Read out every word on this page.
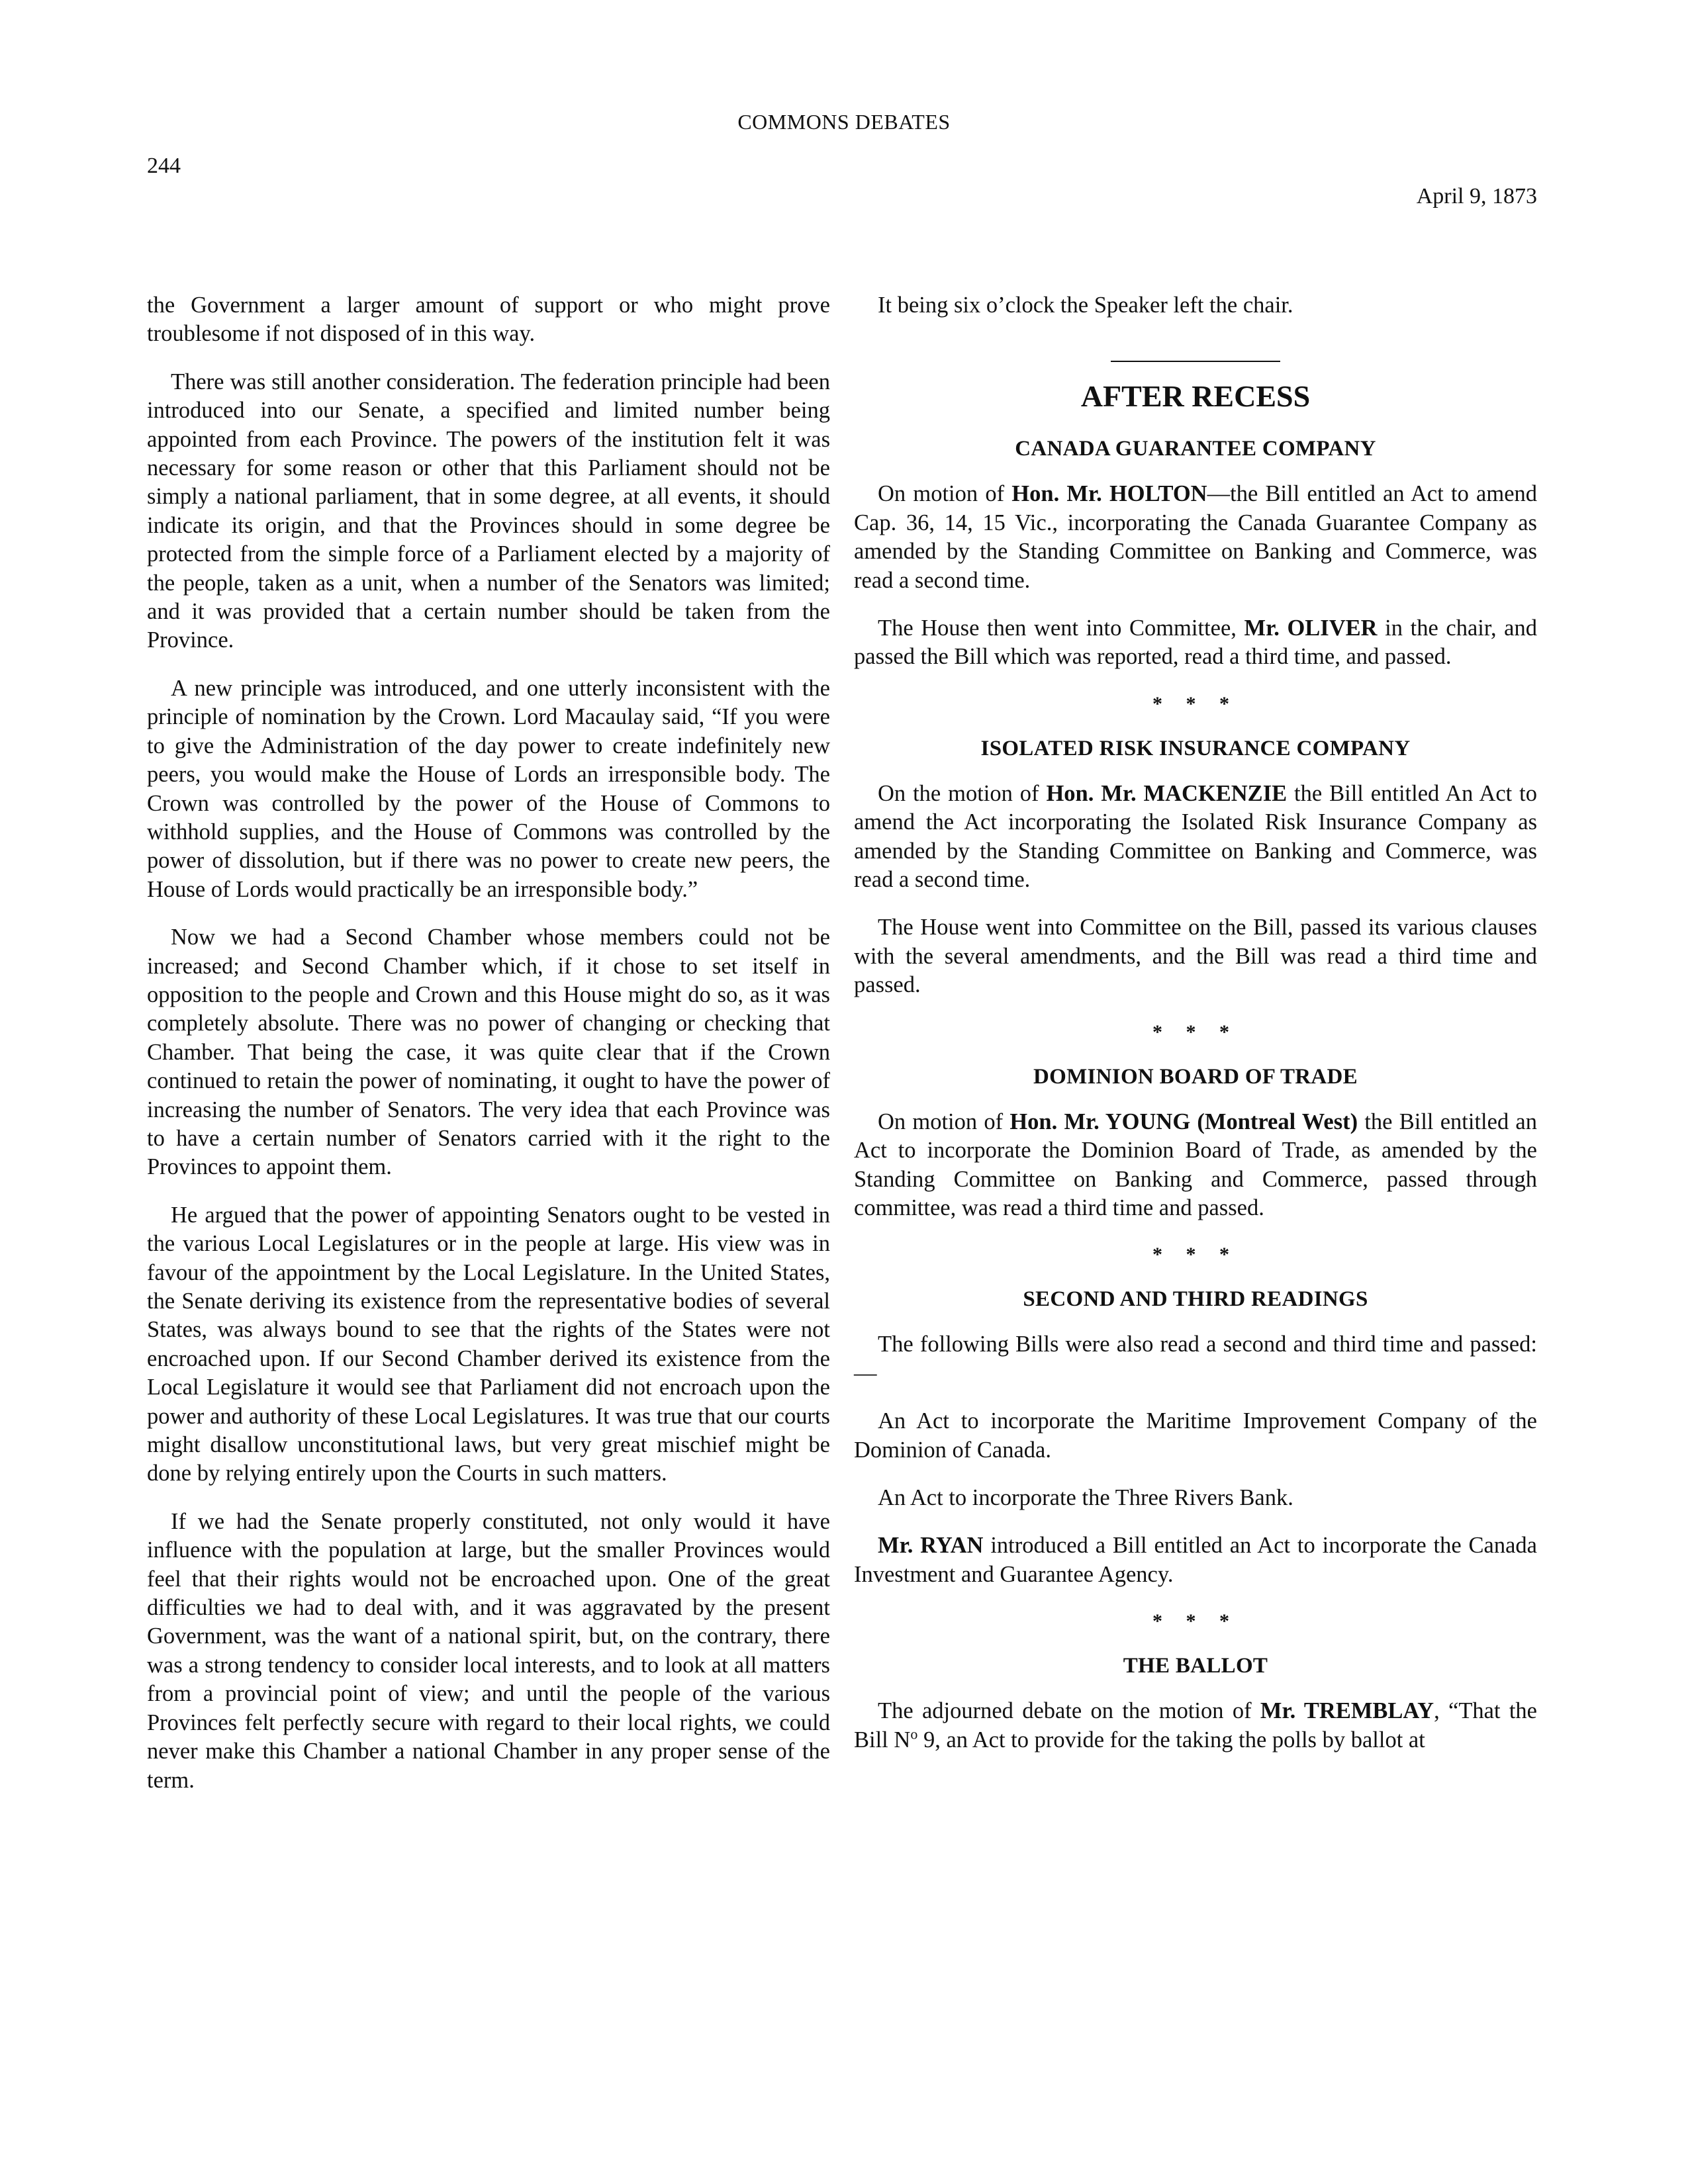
COMMONS DEBATES
244
April 9, 1873

the Government a larger amount of support or who might prove troublesome if not disposed of in this way.

There was still another consideration. The federation principle had been introduced into our Senate, a specified and limited number being appointed from each Province. The powers of the institution felt it was necessary for some reason or other that this Parliament should not be simply a national parliament, that in some degree, at all events, it should indicate its origin, and that the Provinces should in some degree be protected from the simple force of a Parliament elected by a majority of the people, taken as a unit, when a number of the Senators was limited; and it was provided that a certain number should be taken from the Province.

A new principle was introduced, and one utterly inconsistent with the principle of nomination by the Crown. Lord Macaulay said, “If you were to give the Administration of the day power to create indefinitely new peers, you would make the House of Lords an irresponsible body. The Crown was controlled by the power of the House of Commons to withhold supplies, and the House of Commons was controlled by the power of dissolution, but if there was no power to create new peers, the House of Lords would practically be an irresponsible body.”

Now we had a Second Chamber whose members could not be increased; and Second Chamber which, if it chose to set itself in opposition to the people and Crown and this House might do so, as it was completely absolute. There was no power of changing or checking that Chamber. That being the case, it was quite clear that if the Crown continued to retain the power of nominating, it ought to have the power of increasing the number of Senators. The very idea that each Province was to have a certain number of Senators carried with it the right to the Provinces to appoint them.

He argued that the power of appointing Senators ought to be vested in the various Local Legislatures or in the people at large. His view was in favour of the appointment by the Local Legislature. In the United States, the Senate deriving its existence from the representative bodies of several States, was always bound to see that the rights of the States were not encroached upon. If our Second Chamber derived its existence from the Local Legislature it would see that Parliament did not encroach upon the power and authority of these Local Legislatures. It was true that our courts might disallow unconstitutional laws, but very great mischief might be done by relying entirely upon the Courts in such matters.

If we had the Senate properly constituted, not only would it have influence with the population at large, but the smaller Provinces would feel that their rights would not be encroached upon. One of the great difficulties we had to deal with, and it was aggravated by the present Government, was the want of a national spirit, but, on the contrary, there was a strong tendency to consider local interests, and to look at all matters from a provincial point of view; and until the people of the various Provinces felt perfectly secure with regard to their local rights, we could never make this Chamber a national Chamber in any proper sense of the term.

It being six o’clock the Speaker left the chair.

AFTER RECESS
CANADA GUARANTEE COMPANY

On motion of Hon. Mr. HOLTON—the Bill entitled an Act to amend Cap. 36, 14, 15 Vic., incorporating the Canada Guarantee Company as amended by the Standing Committee on Banking and Commerce, was read a second time.

The House then went into Committee, Mr. OLIVER in the chair, and passed the Bill which was reported, read a third time, and passed.

* * *
ISOLATED RISK INSURANCE COMPANY

On the motion of Hon. Mr. MACKENZIE the Bill entitled An Act to amend the Act incorporating the Isolated Risk Insurance Company as amended by the Standing Committee on Banking and Commerce, was read a second time.

The House went into Committee on the Bill, passed its various clauses with the several amendments, and the Bill was read a third time and passed.

* * *
DOMINION BOARD OF TRADE

On motion of Hon. Mr. YOUNG (Montreal West) the Bill entitled an Act to incorporate the Dominion Board of Trade, as amended by the Standing Committee on Banking and Commerce, passed through committee, was read a third time and passed.

* * *
SECOND AND THIRD READINGS

The following Bills were also read a second and third time and passed:—

An Act to incorporate the Maritime Improvement Company of the Dominion of Canada.

An Act to incorporate the Three Rivers Bank.

Mr. RYAN introduced a Bill entitled an Act to incorporate the Canada Investment and Guarantee Agency.

* * *
THE BALLOT

The adjourned debate on the motion of Mr. TREMBLAY, “That the Bill $N^o$ 9, an Act to provide for the taking the polls by ballot at
